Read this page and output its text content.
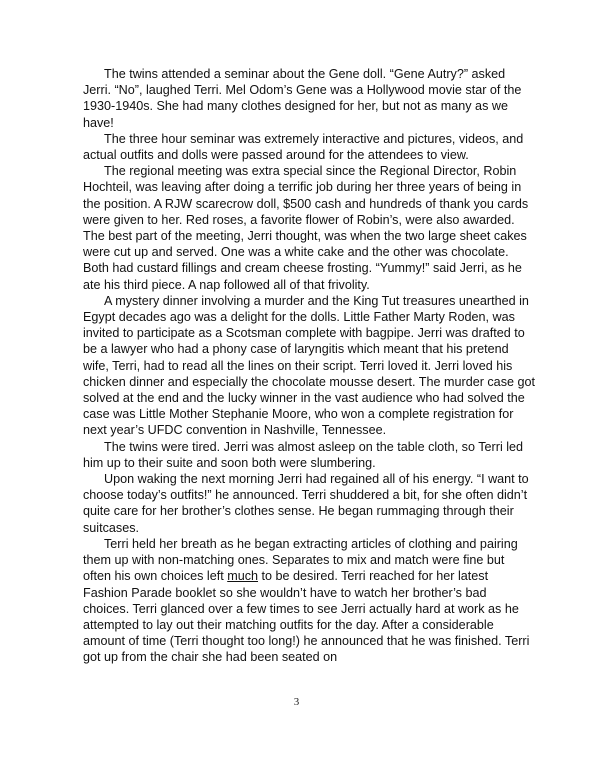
The twins attended a seminar about the Gene doll. “Gene Autry?” asked Jerri. “No”, laughed Terri. Mel Odom’s Gene was a Hollywood movie star of the 1930-1940s. She had many clothes designed for her, but not as many as we have!

The three hour seminar was extremely interactive and pictures, videos, and actual outfits and dolls were passed around for the attendees to view.

The regional meeting was extra special since the Regional Director, Robin Hochteil, was leaving after doing a terrific job during her three years of being in the position. A RJW scarecrow doll, $500 cash and hundreds of thank you cards were given to her. Red roses, a favorite flower of Robin’s, were also awarded. The best part of the meeting, Jerri thought, was when the two large sheet cakes were cut up and served. One was a white cake and the other was chocolate. Both had custard fillings and cream cheese frosting. “Yummy!” said Jerri, as he ate his third piece. A nap followed all of that frivolity.

A mystery dinner involving a murder and the King Tut treasures unearthed in Egypt decades ago was a delight for the dolls. Little Father Marty Roden, was invited to participate as a Scotsman complete with bagpipe. Jerri was drafted to be a lawyer who had a phony case of laryngitis which meant that his pretend wife, Terri, had to read all the lines on their script. Terri loved it. Jerri loved his chicken dinner and especially the chocolate mousse desert. The murder case got solved at the end and the lucky winner in the vast audience who had solved the case was Little Mother Stephanie Moore, who won a complete registration for next year’s UFDC convention in Nashville, Tennessee.

The twins were tired. Jerri was almost asleep on the table cloth, so Terri led him up to their suite and soon both were slumbering.

Upon waking the next morning Jerri had regained all of his energy. “I want to choose today’s outfits!” he announced. Terri shuddered a bit, for she often didn’t quite care for her brother’s clothes sense. He began rummaging through their suitcases.

Terri held her breath as he began extracting articles of clothing and pairing them up with non-matching ones. Separates to mix and match were fine but often his own choices left much to be desired. Terri reached for her latest Fashion Parade booklet so she wouldn’t have to watch her brother’s bad choices. Terri glanced over a few times to see Jerri actually hard at work as he attempted to lay out their matching outfits for the day. After a considerable amount of time (Terri thought too long!) he announced that he was finished. Terri got up from the chair she had been seated on

3
